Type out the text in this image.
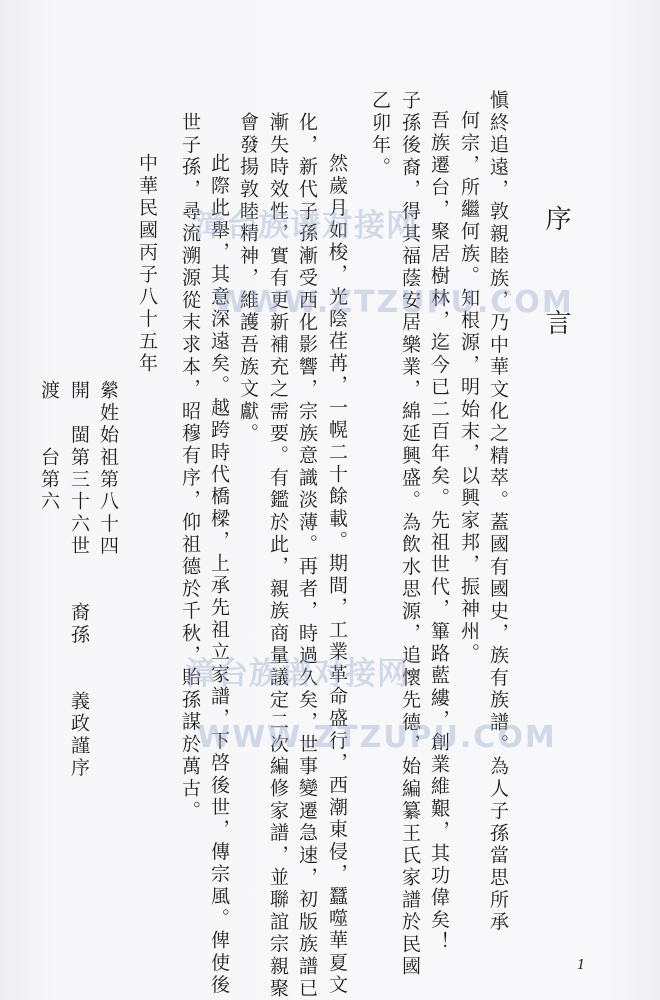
序　言
愼終追遠，敦親睦族，乃中華文化之精萃。蓋國有國史，族有族譜。為人子孫當思所承
何宗，所繼何族。知根源，明始末，以興家邦，振神州。
吾族遷台，聚居樹林，迄今已二百年矣。先祖世代，篳路藍縷，創業維艱，其功偉矣！
子孫後裔，得其福蔭安居樂業，綿延興盛。為飲水思源，追懷先德，始編纂王氏家譜於民國
乙卯年。
然歲月如梭，光陰荏苒，一幌二十餘載。期間，工業革命盛行，西潮東侵，蠶噬華夏文
化，新代子孫漸受西化影響，宗族意識淡薄。再者，時過久矣，世事變遷急速，初版族譜已
漸失時效性，實有更新補充之需要。有鑑於此，親族商量議定二次編修家譜，並聯誼宗親聚
會發揚敦睦精神，維護吾族文獻。
此際此舉，其意深遠矣。越跨時代橋樑，上承先祖立家譜，下啓後世，傳宗風。俾使後
世子孫，尋流溯源從末求本，昭穆有序，仰祖德於千秋，貽孫謀於萬古。
中華民國丙子八十五年
縈姓始祖第八十四
開　閩第三十六世　　裔孫　　義政謹序
渡　　台第六
漳台族谱对接网
WWW.ZTZUPU.COM
漳台族谱对接网
WWW.ZTZUPU.COM
1
